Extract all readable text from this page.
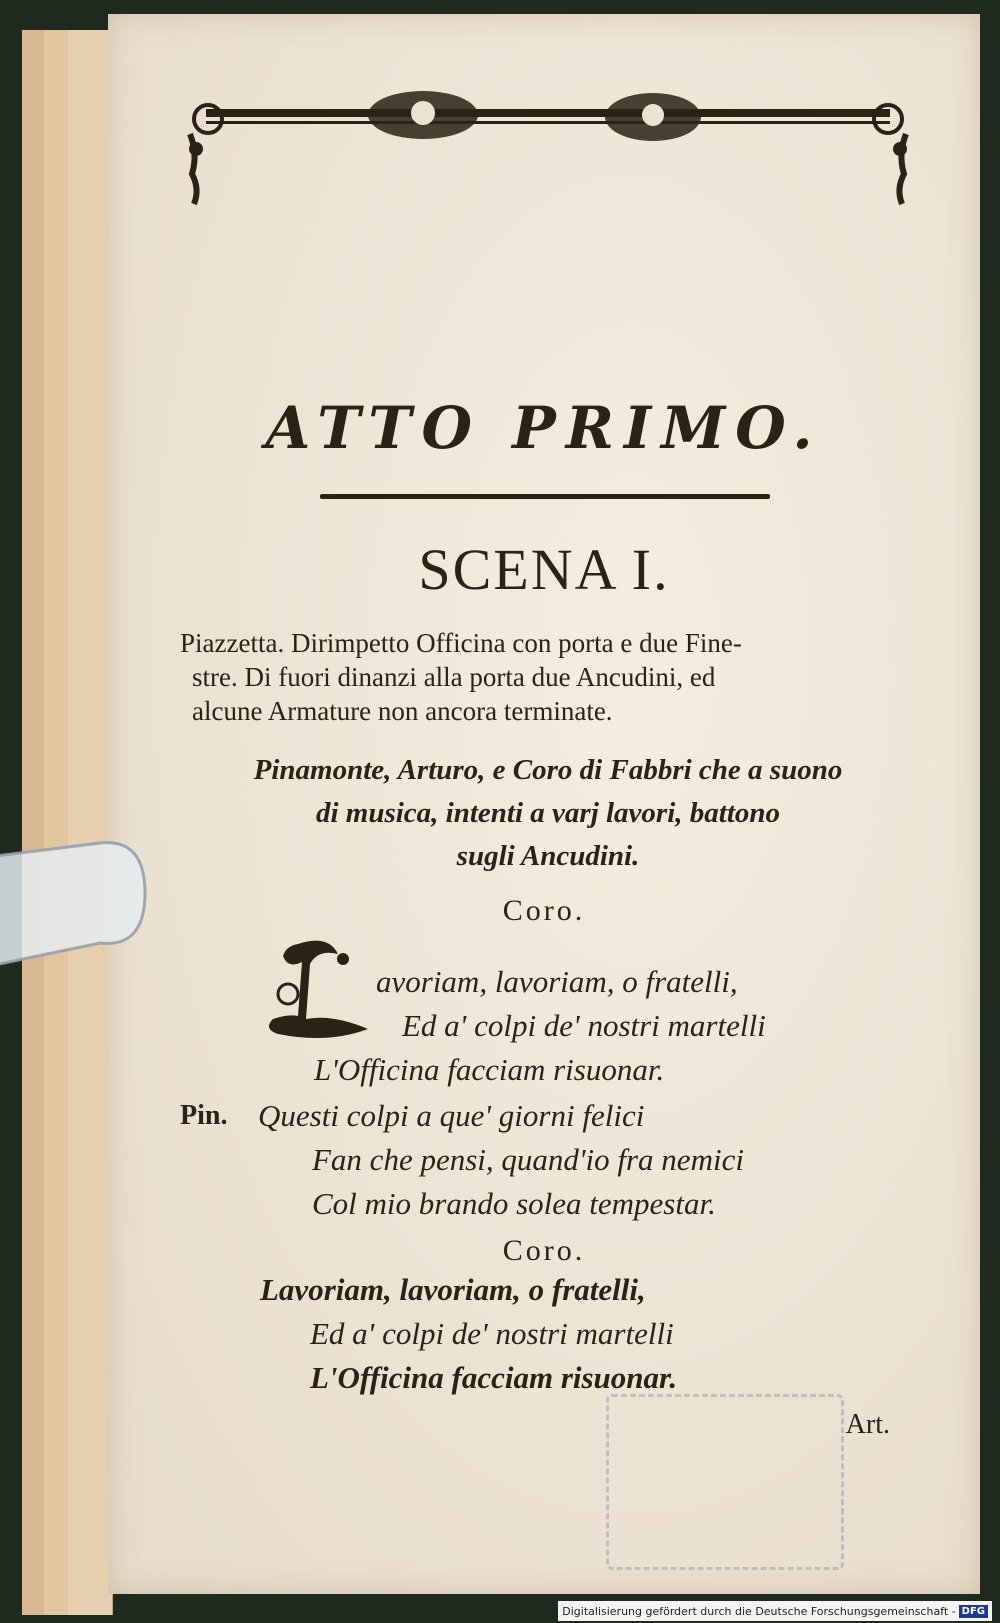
ATTO PRIMO.
SCENA I.
Piazzetta. Dirimpetto Officina con porta e due Fine-
stre. Di fuori dinanzi alla porta due Ancudini, ed
alcune Armature non ancora terminate.
Pinamonte, Arturo, e Coro di Fabbri che a suono
di musica, intenti a varj lavori, battono
sugli Ancudini.
Coro.
avoriam, lavoriam, o fratelli,
Ed a' colpi de' nostri martelli
L'Officina facciam risuonar.
Pin. Questi colpi a que' giorni felici
Fan che pensi, quand'io fra nemici
Col mio brando solea tempestar.
Coro.
Lavoriam, lavoriam, o fratelli,
Ed a' colpi de' nostri martelli
L'Officina facciam risuonar.
Art.
Digitalisierung gefördert durch die Deutsche Forschungsgemeinschaft - DFG
